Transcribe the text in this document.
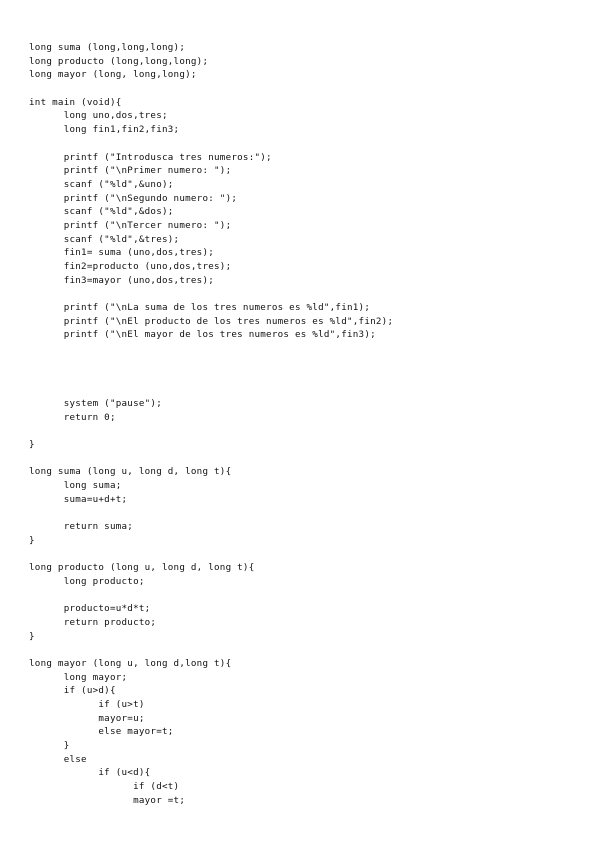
long suma (long,long,long);
long producto (long,long,long);
long mayor (long, long,long);
int main (void){
long uno,dos,tres;
long fin1,fin2,fin3;
printf ("Introdusca tres numeros:");
printf ("\nPrimer numero: ");
scanf ("%ld",&uno);
printf ("\nSegundo numero: ");
scanf ("%ld",&dos);
printf ("\nTercer numero: ");
scanf ("%ld",&tres);
fin1= suma (uno,dos,tres);
fin2=producto (uno,dos,tres);
fin3=mayor (uno,dos,tres);
printf ("\nLa suma de los tres numeros es %ld",fin1);
printf ("\nEl producto de los tres numeros es %ld",fin2);
printf ("\nEl mayor de los tres numeros es %ld",fin3);
system ("pause");
return 0;
}
long suma (long u, long d, long t){
long suma;
suma=u+d+t;
return suma;
}
long producto (long u, long d, long t){
long producto;
producto=u*d*t;
return producto;
}
long mayor (long u, long d,long t){
long mayor;
if (u>d){
if (u>t)
mayor=u;
else mayor=t;
}
else
if (u<d){
if (d<t)
mayor =t;
